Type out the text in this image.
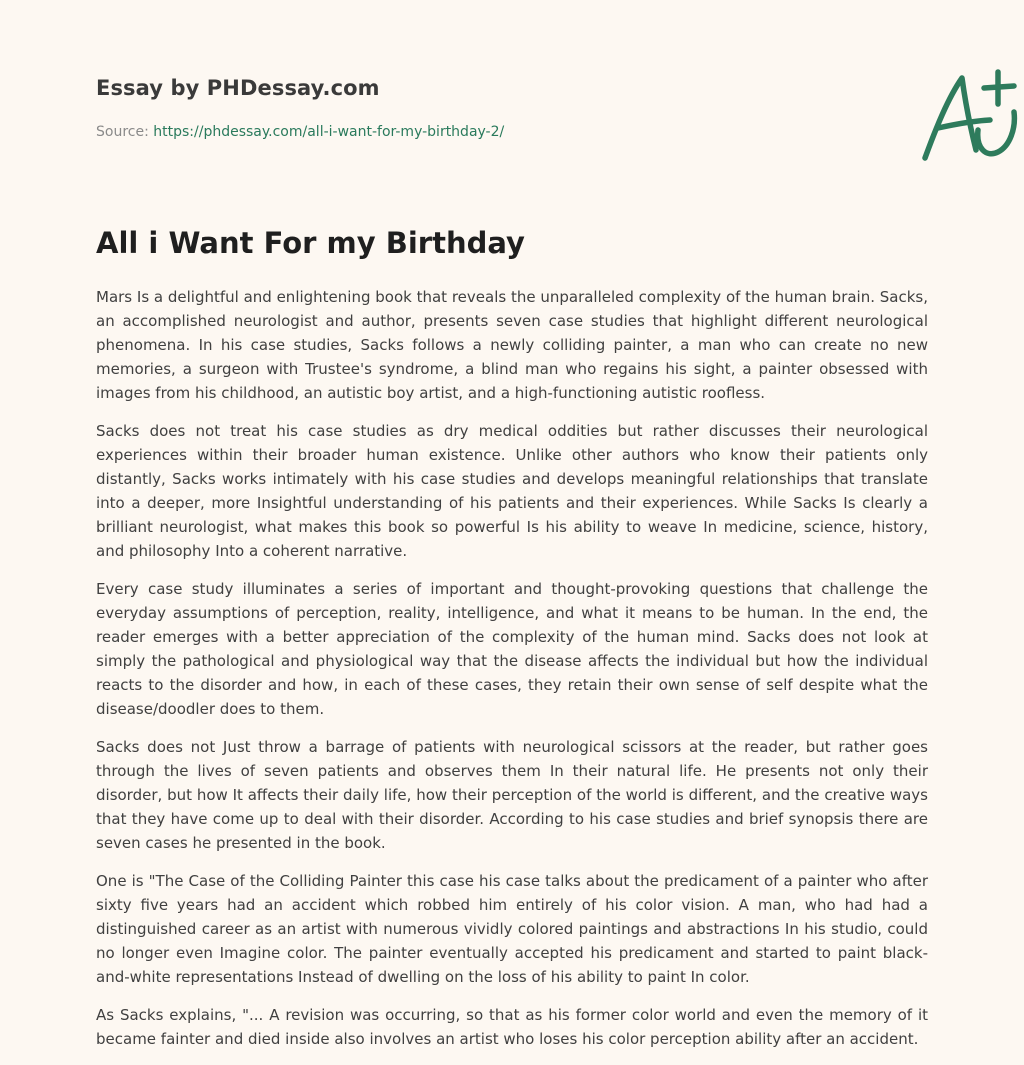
Essay by PHDessay.com
Source: https://phdessay.com/all-i-want-for-my-birthday-2/
All i Want For my Birthday

Mars Is a delightful and enlightening book that reveals the unparalleled complexity of the human brain. Sacks, an accomplished neurologist and author, presents seven case studies that highlight different neurological phenomena. In his case studies, Sacks follows a newly colliding painter, a man who can create no new memories, a surgeon with Trustee's syndrome, a blind man who regains his sight, a painter obsessed with images from his childhood, an autistic boy artist, and a high-functioning autistic roofless.

Sacks does not treat his case studies as dry medical oddities but rather discusses their neurological experiences within their broader human existence. Unlike other authors who know their patients only distantly, Sacks works intimately with his case studies and develops meaningful relationships that translate into a deeper, more Insightful understanding of his patients and their experiences. While Sacks Is clearly a brilliant neurologist, what makes this book so powerful Is his ability to weave In medicine, science, history, and philosophy Into a coherent narrative.

Every case study illuminates a series of important and thought-provoking questions that challenge the everyday assumptions of perception, reality, intelligence, and what it means to be human. In the end, the reader emerges with a better appreciation of the complexity of the human mind. Sacks does not look at simply the pathological and physiological way that the disease affects the individual but how the individual reacts to the disorder and how, in each of these cases, they retain their own sense of self despite what the disease/doodler does to them.

Sacks does not Just throw a barrage of patients with neurological scissors at the reader, but rather goes through the lives of seven patients and observes them In their natural life. He presents not only their disorder, but how It affects their daily life, how their perception of the world is different, and the creative ways that they have come up to deal with their disorder. According to his case studies and brief synopsis there are seven cases he presented in the book.

One is "The Case of the Colliding Painter this case his case talks about the predicament of a painter who after sixty five years had an accident which robbed him entirely of his color vision. A man, who had had a distinguished career as an artist with numerous vividly colored paintings and abstractions In his studio, could no longer even Imagine color. The painter eventually accepted his predicament and started to paint black-and-white representations Instead of dwelling on the loss of his ability to paint In color.

As Sacks explains, "... A revision was occurring, so that as his former color world and even the memory of it became fainter and died inside also involves an artist who loses his color perception ability after an accident.
